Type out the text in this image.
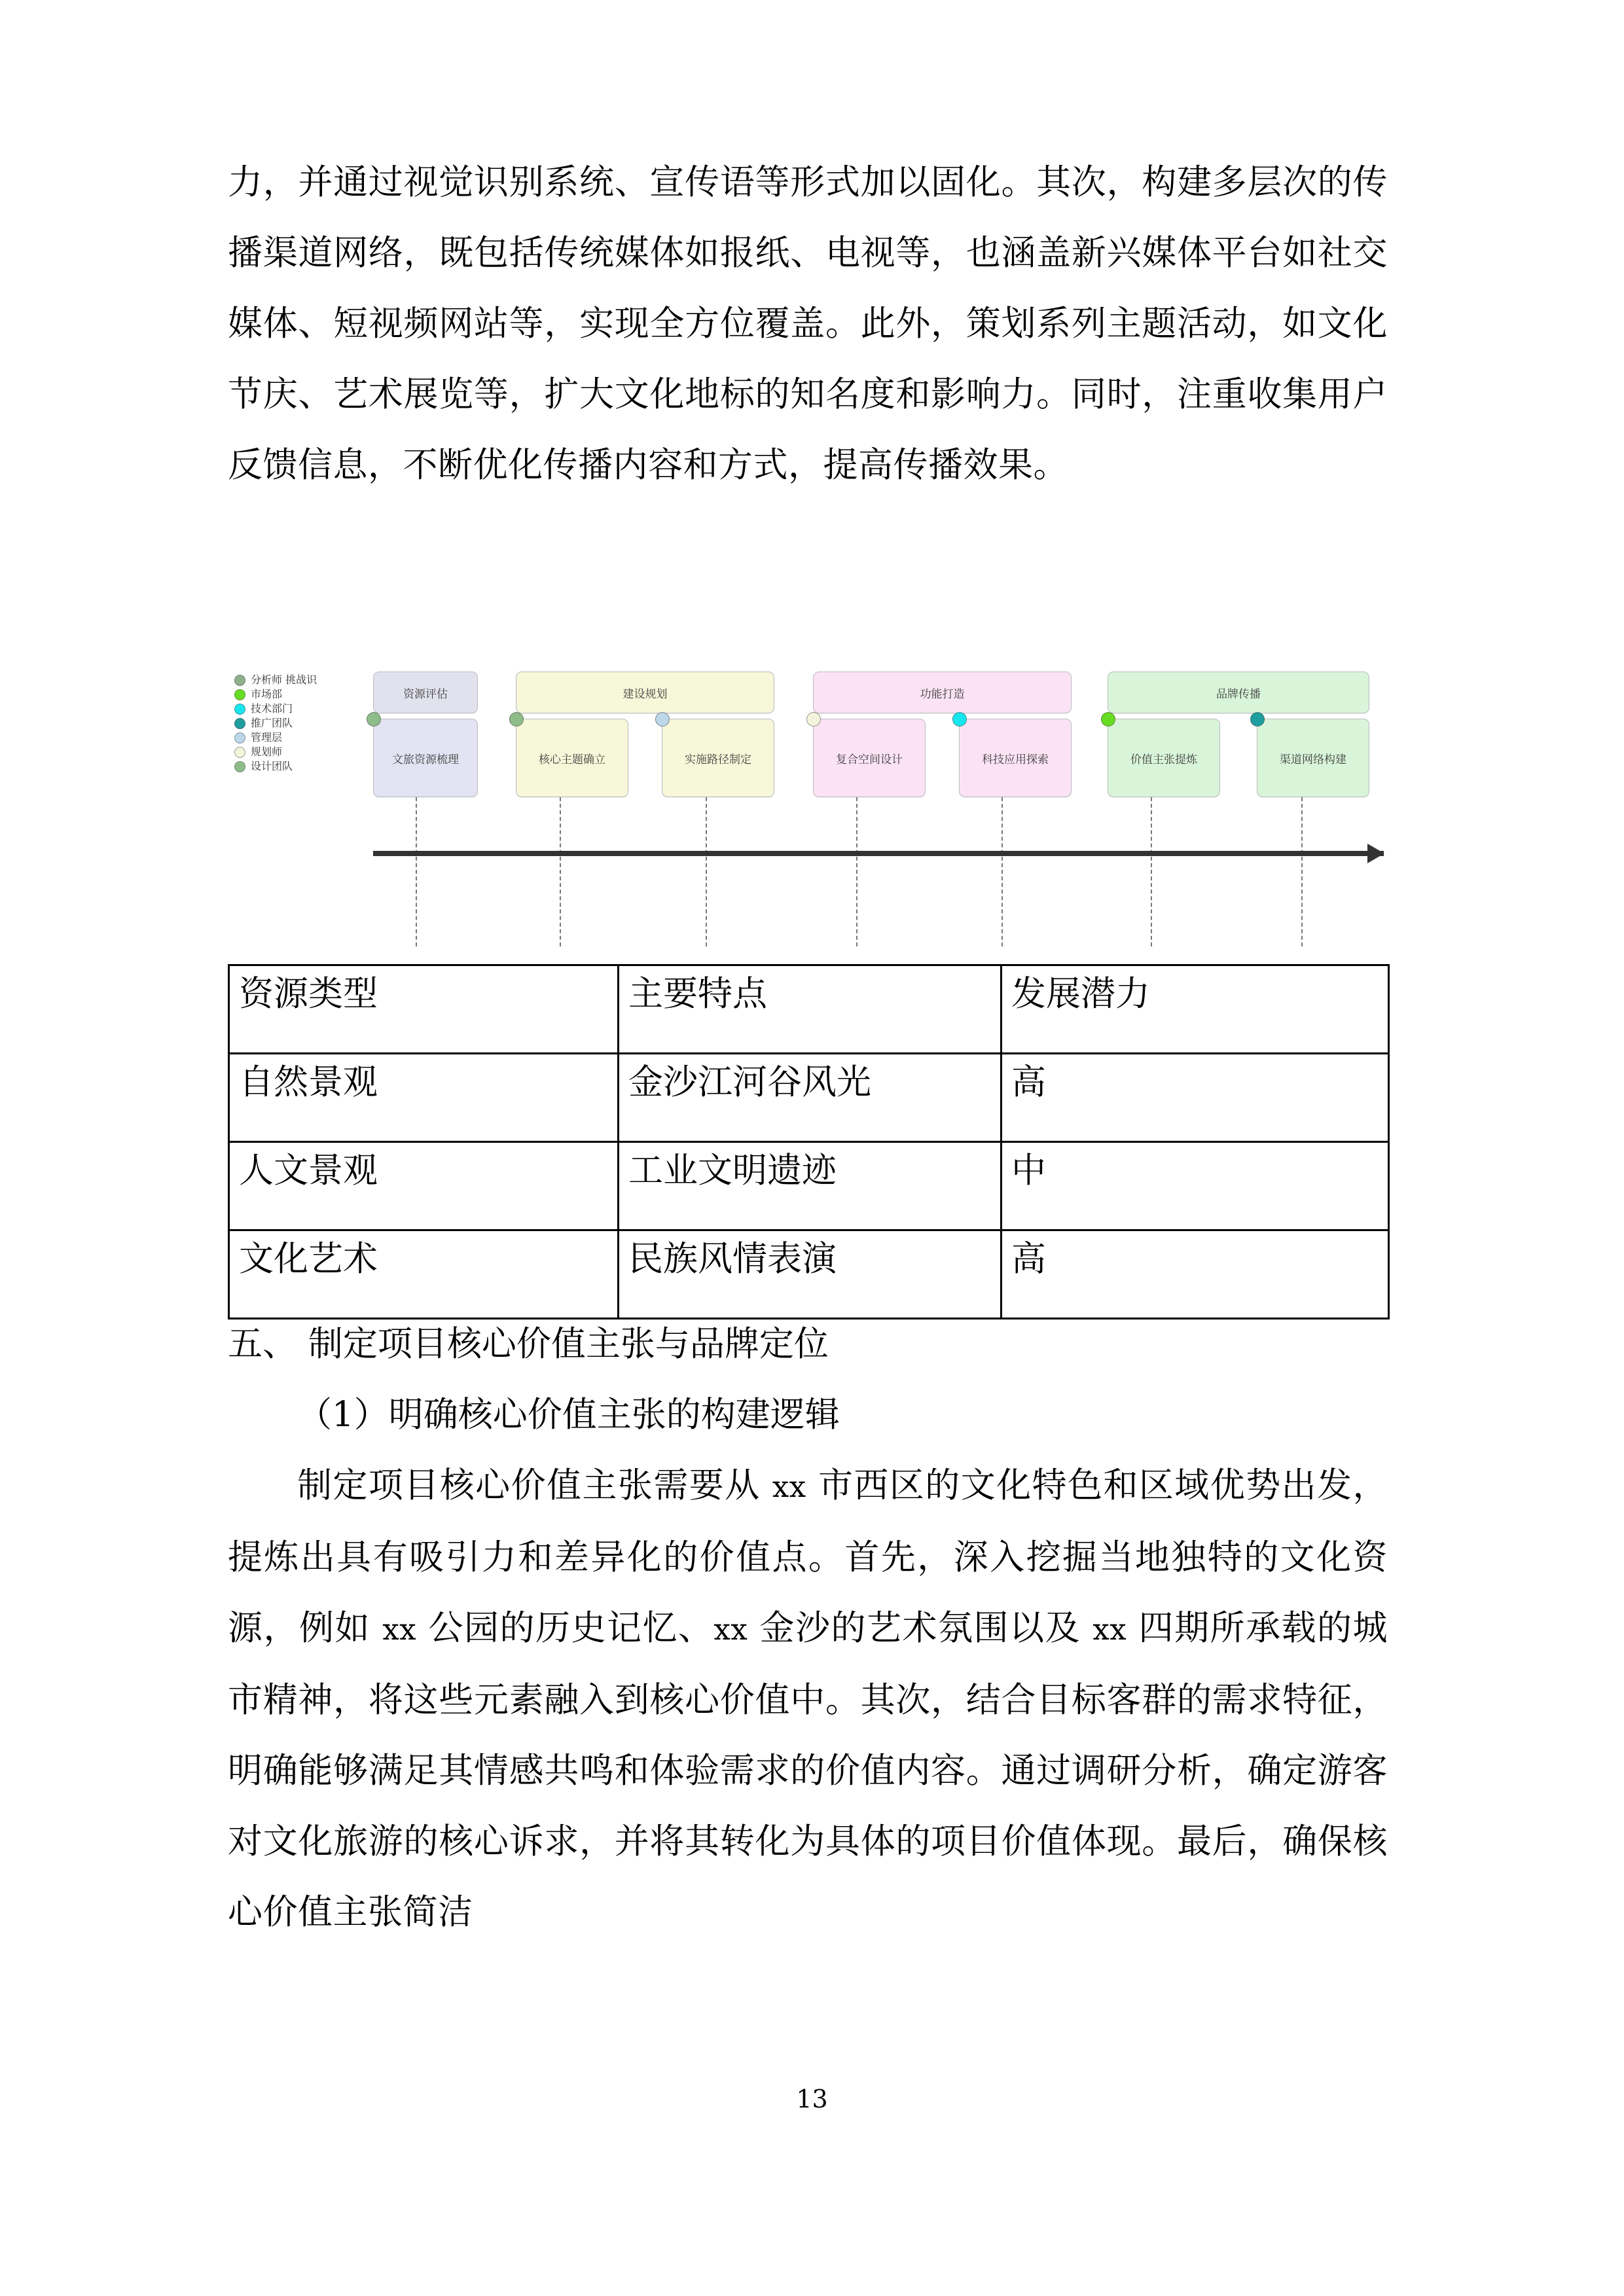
力，并通过视觉识别系统、宣传语等形式加以固化。其次，构建多层次的传播渠道网络，既包括传统媒体如报纸、电视等，也涵盖新兴媒体平台如社交媒体、短视频网站等，实现全方位覆盖。此外，策划系列主题活动，如文化节庆、艺术展览等，扩大文化地标的知名度和影响力。同时，注重收集用户反馈信息，不断优化传播内容和方式，提高传播效果。

分析师 挑战识
市场部
技术部门
推广团队
管理层
规划师
设计团队
资源评估
文旅资源梳理
建设规划
核心主题确立	实施路径制定
功能打造
复合空间设计	科技应用探索
品牌传播
价值主张提炼	渠道网络构建
资源类型	主要特点	发展潜力
自然景观	金沙江河谷风光	高
人文景观	工业文明遗迹	中
文化艺术	民族风情表演	高
五、 制定项目核心价值主张与品牌定位
（1）明确核心价值主张的构建逻辑

制定项目核心价值主张需要从 xx 市西区的文化特色和区域优势出发，提炼出具有吸引力和差异化的价值点。首先，深入挖掘当地独特的文化资源，例如 xx 公园的历史记忆、xx 金沙的艺术氛围以及 xx 四期所承载的城市精神，将这些元素融入到核心价值中。其次，结合目标客群的需求特征，明确能够满足其情感共鸣和体验需求的价值内容。通过调研分析，确定游客对文化旅游的核心诉求，并将其转化为具体的项目价值体现。最后，确保核心价值主张简洁

13
